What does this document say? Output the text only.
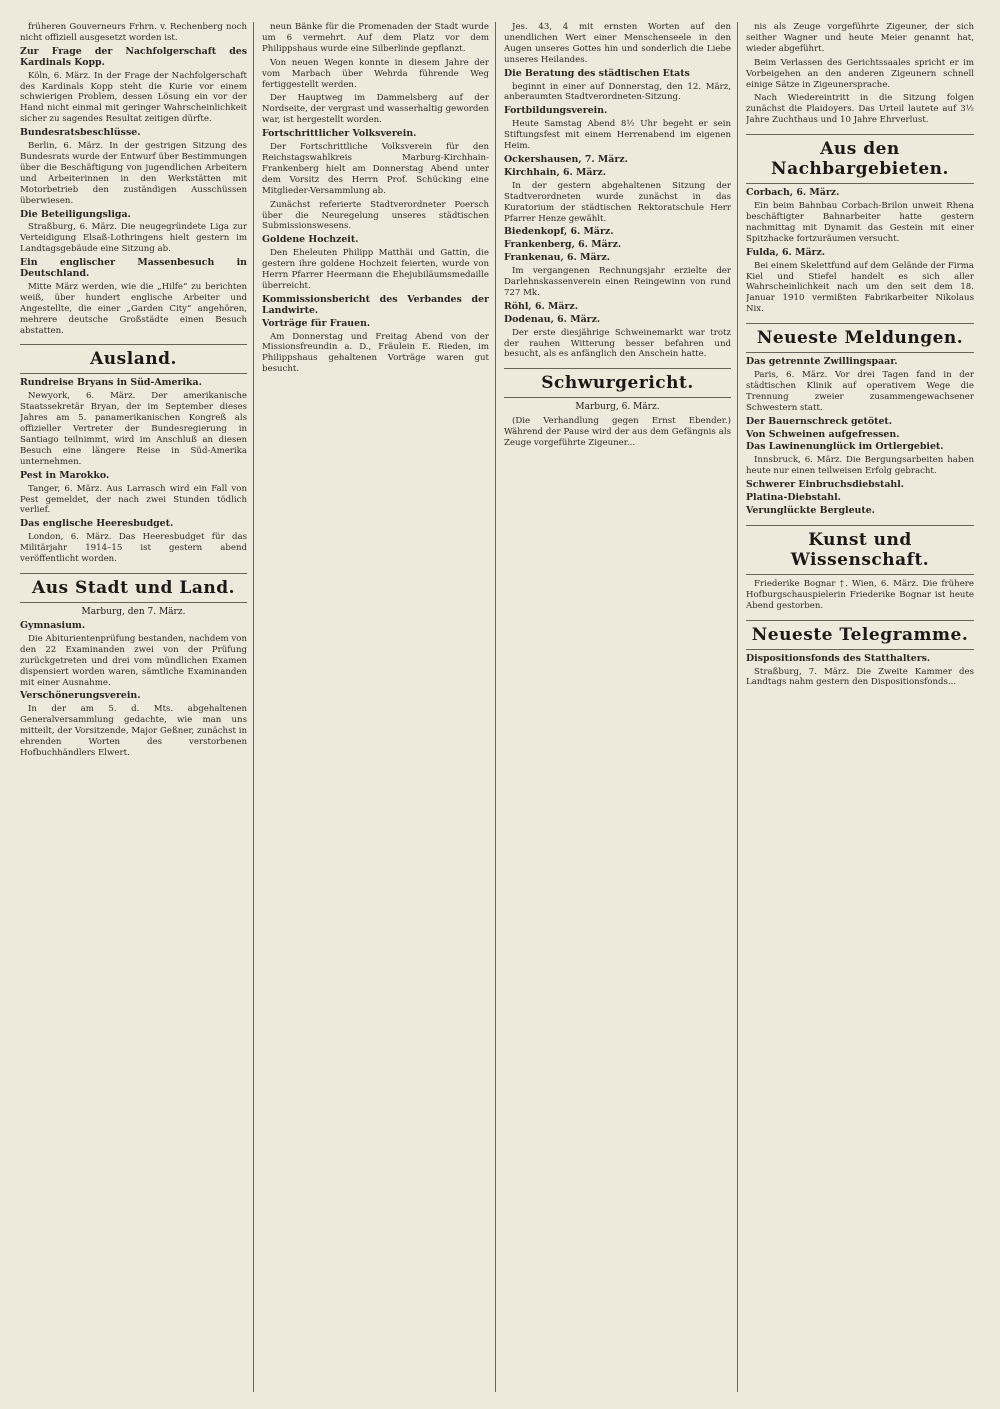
früheren Gouverneurs Frhrn. v. Rechenberg noch nicht offiziell ausgesetzt worden ist.

Zur Frage der Nachfolgerschaft des Kardinals Kopp.

Köln, 6. März. In der Frage der Nachfolgerschaft des Kardinals Kopp steht die Kurie vor einem schwierigen Problem, dessen Lösung ein vor der Hand nicht einmal mit geringer Wahrscheinlichkeit sicher zu sagendes Resultat zeitigen dürfte.

Bundesratsbeschlüsse.

Berlin, 6. März. In der gestrigen Sitzung des Bundesrats wurde der Entwurf über Bestimmungen über die Beschäftigung von jugendlichen Arbeitern und Arbeiterinnen in den Werkstätten mit Motorbetrieb den zuständigen Ausschüssen überwiesen.

Die Beteiligungsliga.

Straßburg, 6. März. Die neugegründete Liga zur Verteidigung Elsaß-Lothringens hielt gestern im Landtagsgebäude eine Sitzung ab.

Ein englischer Massenbesuch in Deutschland.

Mitte März werden, wie die „Hilfe“ zu berichten weiß, über hundert englische Arbeiter und Angestellte, die einer „Garden City“ angehören, mehrere deutsche Großstädte einen Besuch abstatten.

Ausland.

Rundreise Bryans in Süd-Amerika.

Newyork, 6. März. Der amerikanische Staatssekretär Bryan, der im September dieses Jahres am 5. panamerikanischen Kongreß als offizieller Vertreter der Bundesregierung in Santiago teilnimmt, wird im Anschluß an diesen Besuch eine längere Reise in Süd-Amerika unternehmen.

Pest in Marokko.

Tanger, 6. März. Aus Larrasch wird ein Fall von Pest gemeldet, der nach zwei Stunden tödlich verlief.

Das englische Heeresbudget.

London, 6. März. Das Heeresbudget für das Militärjahr 1914–15 ist gestern abend veröffentlicht worden.

Aus Stadt und Land.
Marburg, den 7. März.

Gymnasium.

Die Abiturientenprüfung bestanden, nachdem von den 22 Examinanden zwei von der Prüfung zurückgetreten und drei vom mündlichen Examen dispensiert worden waren, sämtliche Examinanden mit einer Ausnahme.

Verschönerungsverein.

In der am 5. d. Mts. abgehaltenen Generalversammlung gedachte, wie man uns mitteilt, der Vorsitzende, Major Geßner, zunächst in ehrenden Worten des verstorbenen Hofbuchhändlers Elwert.

neun Bänke für die Promenaden der Stadt wurde um 6 vermehrt. Auf dem Platz vor dem Philippshaus wurde eine Silberlinde gepflanzt.

Von neuen Wegen konnte in diesem Jahre der vom Marbach über Wehrda führende Weg fertiggestellt werden.

Der Hauptweg im Dammelsberg auf der Nordseite, der vergrast und wasserhaltig geworden war, ist hergestellt worden.

Fortschrittlicher Volksverein.

Der Fortschrittliche Volksverein für den Reichstagswahlkreis Marburg-Kirchhain-Frankenberg hielt am Donnerstag Abend unter dem Vorsitz des Herrn Prof. Schücking eine Mitglieder-Versammlung ab.

Zunächst referierte Stadtverordneter Poersch über die Neuregelung unseres städtischen Submissionswesens.

Goldene Hochzeit.

Den Eheleuten Philipp Matthäi und Gattin, die gestern ihre goldene Hochzeit feierten, wurde von Herrn Pfarrer Heermann die Ehejubiläumsmedaille überreicht.

Kommissionsbericht des Verbandes der Landwirte.

Vorträge für Frauen.

Am Donnerstag und Freitag Abend von der Missionsfreundin a. D., Fräulein E. Rieden, im Philippshaus gehaltenen Vorträge waren gut besucht.

Jes. 43, 4 mit ernsten Worten auf den unendlichen Wert einer Menschenseele in den Augen unseres Gottes hin und sonderlich die Liebe unseres Heilandes.

Die Beratung des städtischen Etats

beginnt in einer auf Donnerstag, den 12. März, anberaumten Stadtverordneten-Sitzung.

Fortbildungsverein.

Heute Samstag Abend 8½ Uhr begeht er sein Stiftungsfest mit einem Herrenabend im eigenen Heim.

Ockershausen, 7. März.

Kirchhain, 6. März.

In der gestern abgehaltenen Sitzung der Stadtverordneten wurde zunächst in das Kuratorium der städtischen Rektoratschule Herr Pfarrer Henze gewählt.

Biedenkopf, 6. März.

Frankenberg, 6. März.

Frankenau, 6. März.

Im vergangenen Rechnungsjahr erzielte der Darlehnskassenverein einen Reingewinn von rund 727 Mk.

Röhl, 6. März.

Dodenau, 6. März.

Der erste diesjährige Schweinemarkt war trotz der rauhen Witterung besser befahren und besucht, als es anfänglich den Anschein hatte.

Schwurgericht.
Marburg, 6. März.

(Die Verhandlung gegen Ernst Ebender.) Während der Pause wird der aus dem Gefängnis als Zeuge vorgeführte Zigeuner...

nis als Zeuge vorgeführte Zigeuner, der sich seither Wagner und heute Meier genannt hat, wieder abgeführt.

Beim Verlassen des Gerichtssaales spricht er im Vorbeigehen an den anderen Zigeunern schnell einige Sätze in Zigeunersprache.

Nach Wiedereintritt in die Sitzung folgen zunächst die Plaidoyers. Das Urteil lautete auf 3½ Jahre Zuchthaus und 10 Jahre Ehrverlust.

Aus den Nachbargebieten.

Corbach, 6. März.

Ein beim Bahnbau Corbach-Brilon unweit Rhena beschäftigter Bahnarbeiter hatte gestern nachmittag mit Dynamit das Gestein mit einer Spitzhacke fortzuräumen versucht.

Fulda, 6. März.

Bei einem Skelettfund auf dem Gelände der Firma Kiel und Stiefel handelt es sich aller Wahrscheinlichkeit nach um den seit dem 18. Januar 1910 vermißten Fabrikarbeiter Nikolaus Nix.

Neueste Meldungen.

Das getrennte Zwillingspaar.

Paris, 6. März. Vor drei Tagen fand in der städtischen Klinik auf operativem Wege die Trennung zweier zusammengewachsener Schwestern statt.

Der Bauernschreck getötet.

Von Schweinen aufgefressen.

Das Lawinenunglück im Ortlergebiet.

Innsbruck, 6. März. Die Bergungsarbeiten haben heute nur einen teilweisen Erfolg gebracht.

Schwerer Einbruchsdiebstahl.

Platina-Diebstahl.

Verunglückte Bergleute.

Kunst und Wissenschaft.

Friederike Bognar †. Wien, 6. März. Die frühere Hofburgschauspielerin Friederike Bognar ist heute Abend gestorben.

Neueste Telegramme.

Dispositionsfonds des Statthalters.

Straßburg, 7. März. Die Zweite Kammer des Landtags nahm gestern den Dispositionsfonds...
